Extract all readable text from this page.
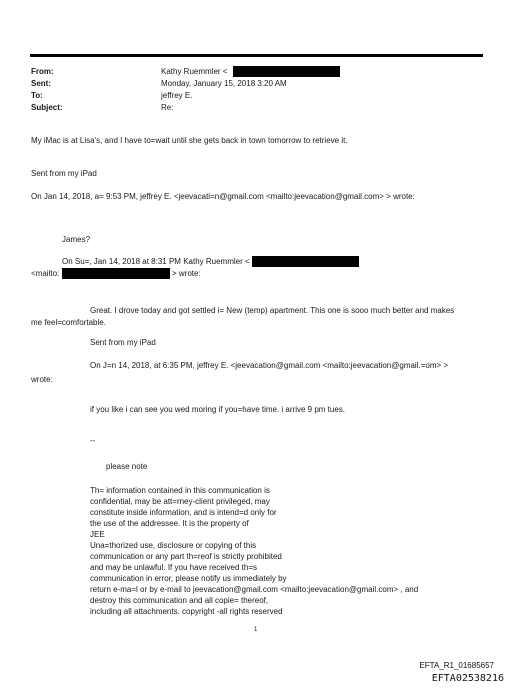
From:	Kathy Ruemmler <
Sent:	Monday, January 15, 2018 3:20 AM
To:	jeffrey E.
Subject:	Re:
My iMac is at Lisa's, and I have to=wait until she gets back in town tomorrow to retrieve it.
Sent from my iPad
On Jan 14, 2018, a= 9:53 PM, jeffrey E. <jeevacati=n@gmail.com <mailto:jeevacation@gmail.com> > wrote:
James?
On Su=, Jan 14, 2018 at 8:31 PM Kathy Ruemmler <
<mailto:	> wrote:
Great. I drove today and got settled i= New (temp) apartment. This one is sooo much better and makes
me feel=comfortable.
Sent from my iPad
On J=n 14, 2018, at 6:35 PM, jeffrey E. <jeevacation@gmail.com <mailto:jeevacation@gmail.=om> >
wrote:
if you like i can see you wed moring if you=have time. i arrive 9 pm tues.
--
please note
Th= information contained in this communication is
confidential, may be att=rney-client privileged, may
constitute inside information, and is intend=d only for
the use of the addressee. It is the property of
JEE
Una=thorized use, disclosure or copying of this
communication or any part th=reof is strictly prohibited
and may be unlawful. If you have received th=s
communication in error, please notify us immediately by
return e-ma=l or by e-mail to jeevacation@gmail.com <mailto:jeevacation@gmail.com> , and
destroy this communication and all copie= thereof,
including all attachments. copyright -all rights reserved
1
EFTA_R1_01685657
EFTA02538216
